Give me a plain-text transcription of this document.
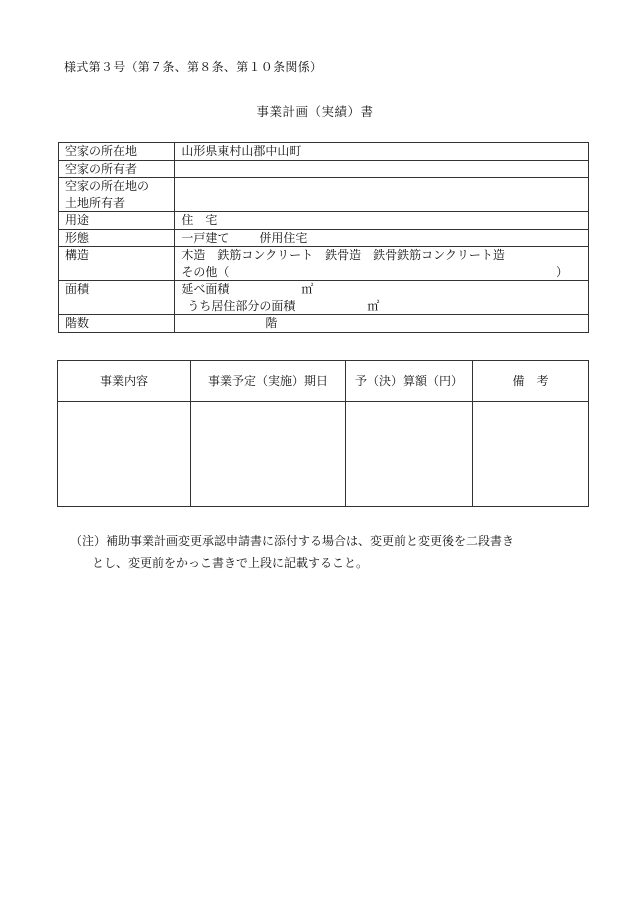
様式第３号（第７条、第８条、第１０条関係）
事業計画（実績）書
空家の所在地	山形県東村山郡中山町
空家の所有者	

空家の所在地の
土地所有者	

用途	住　宅
形態	一戸建て 併用住宅
構造	木造　鉄筋コンクリート　鉄骨造　鉄骨鉄筋コンクリート造
その他（ ）

面積	延べ面積 ㎡
うち居住部分の面積 ㎡

階数	階
事業内容	事業予定（実施）期日	予（決）算額（円）	備　考

（注）補助事業計画変更承認申請書に添付する場合は、変更前と変更後を二段書き
とし、変更前をかっこ書きで上段に記載すること。
